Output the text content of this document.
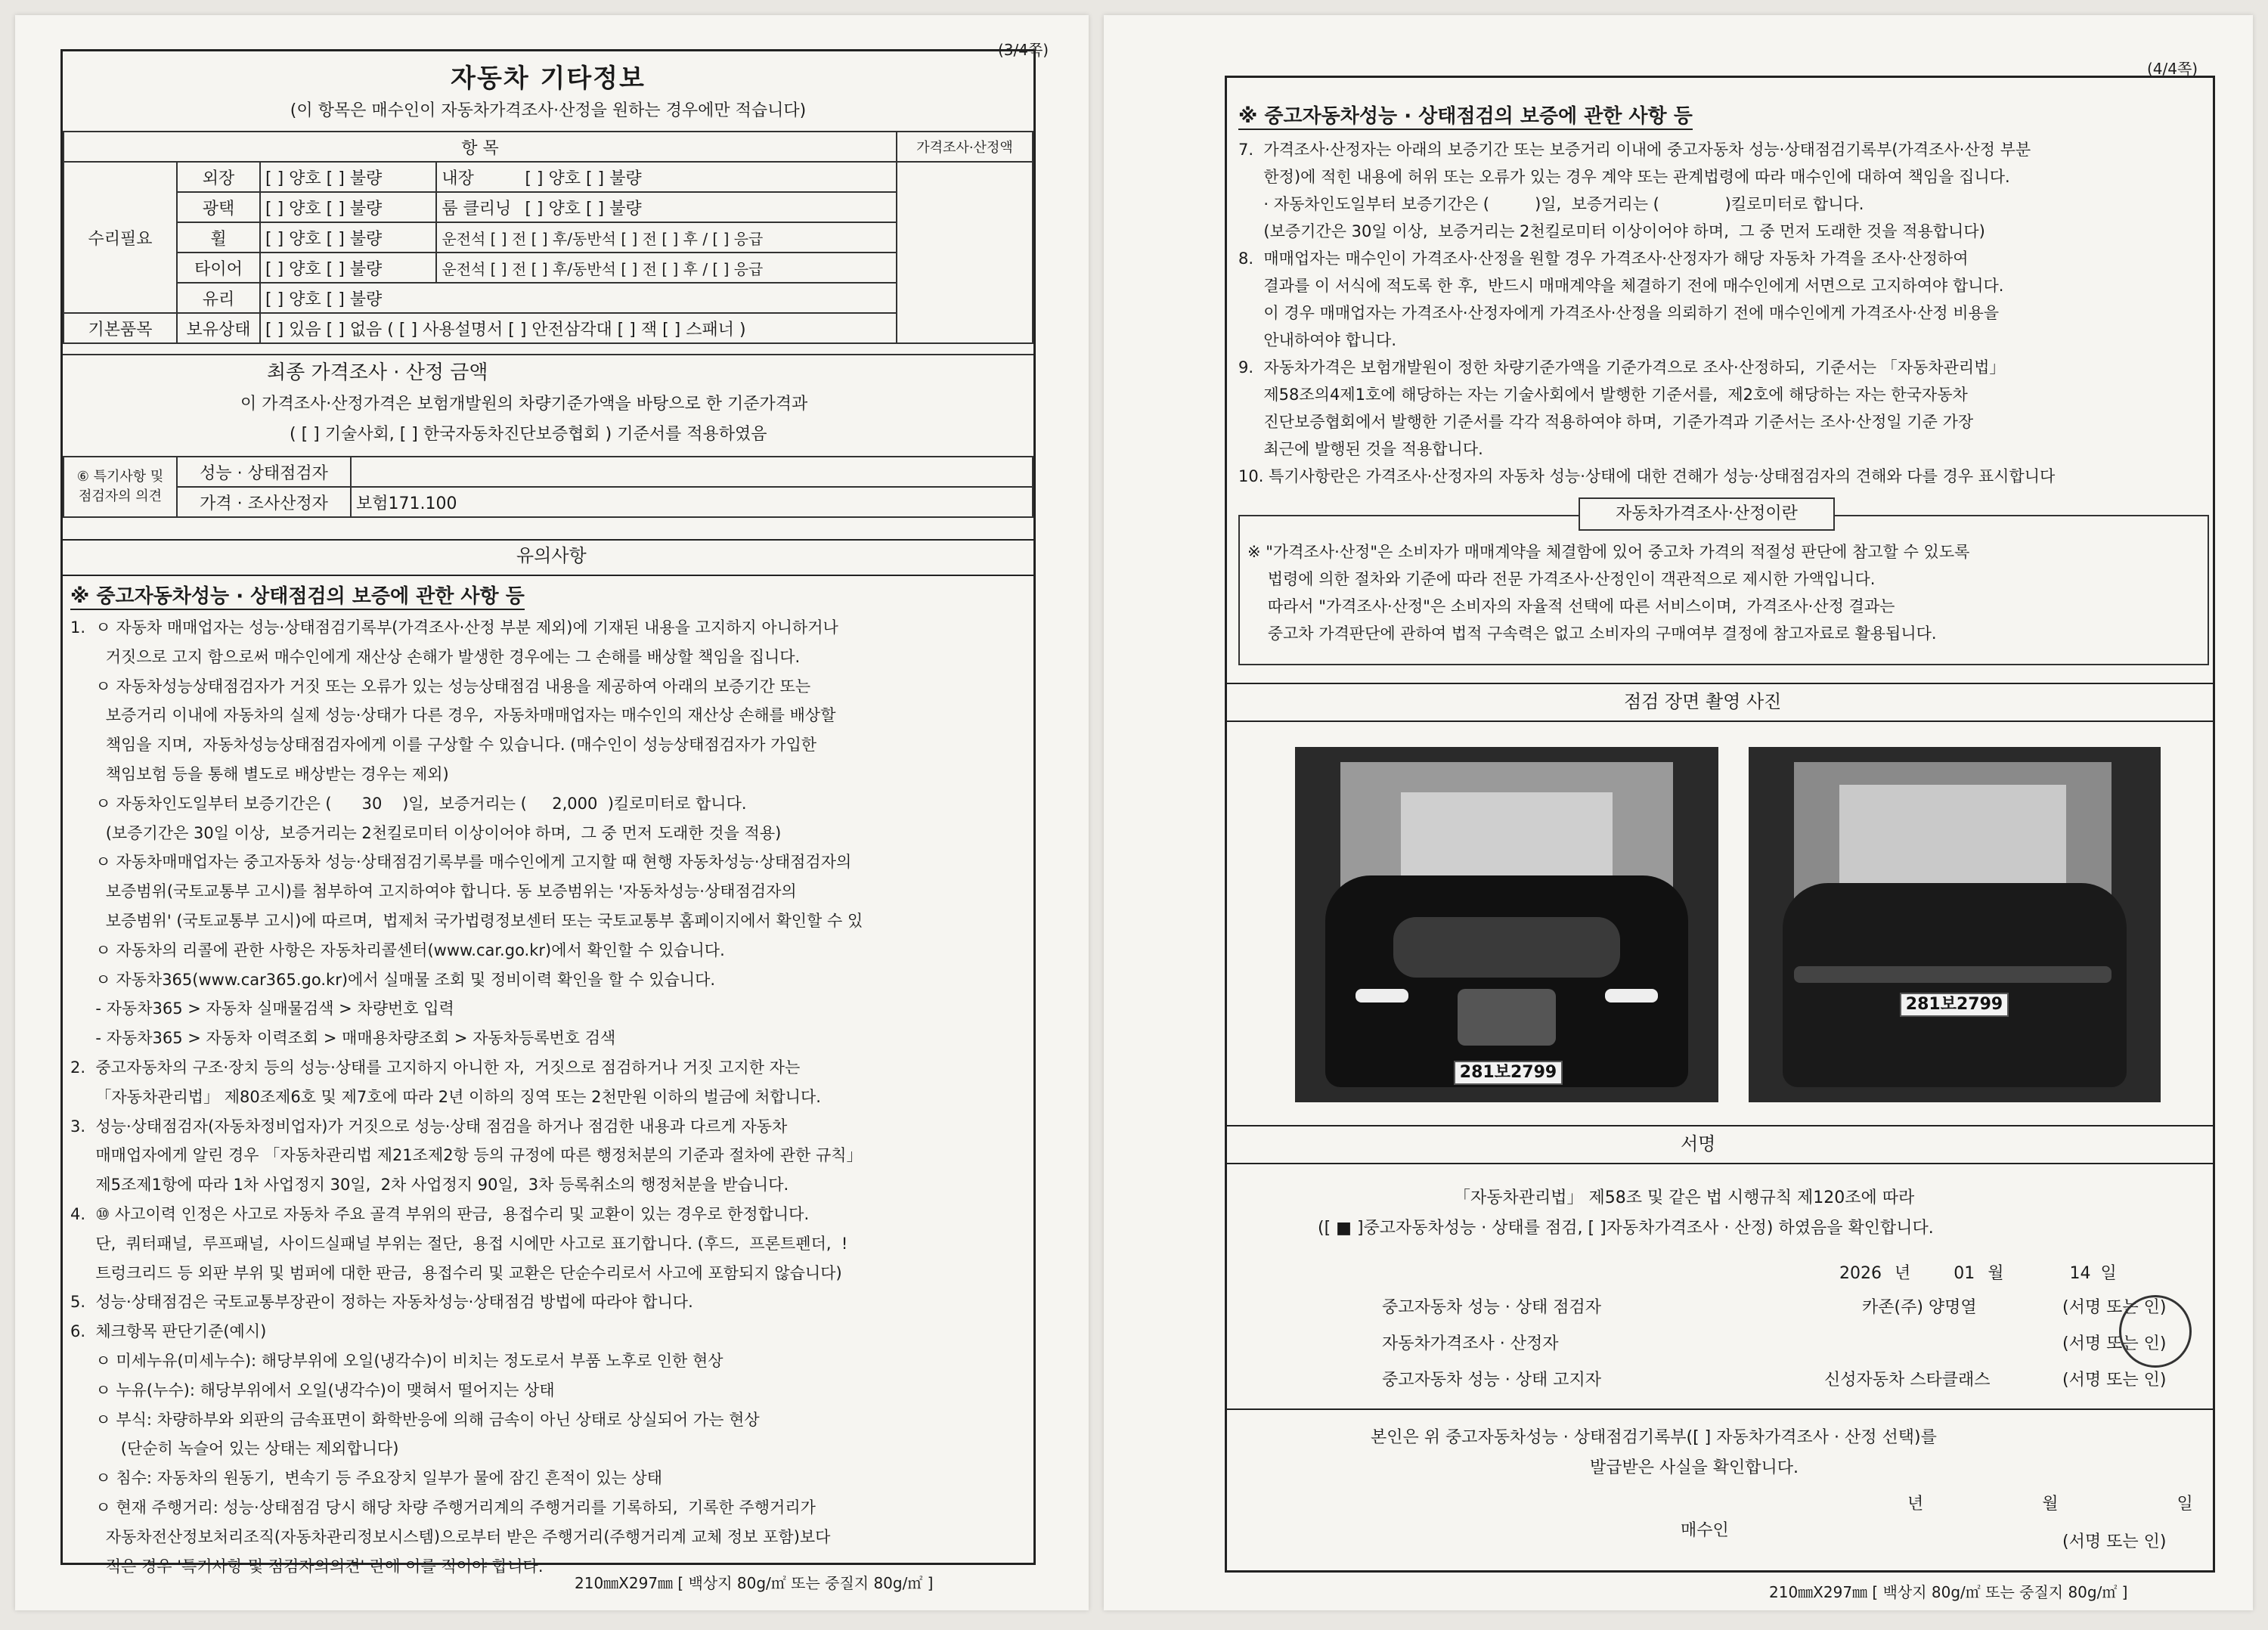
(3/4쪽)
자동차 기타정보
(이 항목은 매수인이 자동차가격조사·산정을 원하는 경우에만 적습니다)
항 목				가격조사·산정액
수리필요	외장	[ ] 양호 [ ] 불량	내장 [ ] 양호 [ ] 불량	
	광택	[ ] 양호 [ ] 불량	룸 클리닝 [ ] 양호 [ ] 불량	
	휠	[ ] 양호 [ ] 불량	운전석 [ ] 전 [ ] 후/동반석 [ ] 전 [ ] 후 / [ ] 응급	
	타이어	[ ] 양호 [ ] 불량	운전석 [ ] 전 [ ] 후/동반석 [ ] 전 [ ] 후 / [ ] 응급	
	유리	[ ] 양호 [ ] 불량		
기본품목	보유상태	[ ] 있음 [ ] 없음 ( [ ] 사용설명서 [ ] 안전삼각대 [ ] 잭 [ ] 스패너 )		
최종 가격조사 · 산정 금액
이 가격조사·산정가격은 보험개발원의 차량기준가액을 바탕으로 한 기준가격과
( [ ] 기술사회, [ ] 한국자동차진단보증협회 ) 기준서를 적용하였음
⑥ 특기사항 및
점검자의 의견	성능 · 상태점검자	
	가격 · 조사산정자	보험171.100
유의사항
※ 중고자동차성능 · 상태점검의 보증에 관한 사항 등
1.  ㅇ 자동차 매매업자는 성능·상태점검기록부(가격조사·산정 부분 제외)에 기재된 내용을 고지하지 아니하거나
거짓으로 고지 함으로써 매수인에게 재산상 손해가 발생한 경우에는 그 손해를 배상할 책임을 집니다.
ㅇ 자동차성능상태점검자가 거짓 또는 오류가 있는 성능상태점검 내용을 제공하여 아래의 보증기간 또는
보증거리 이내에 자동차의 실제 성능·상태가 다른 경우,  자동차매매업자는 매수인의 재산상 손해를 배상할
책임을 지며,  자동차성능상태점검자에게 이를 구상할 수 있습니다. (매수인이 성능상태점검자가 가입한
책임보험 등을 통해 별도로 배상받는 경우는 제외)
ㅇ 자동차인도일부터 보증기간은 (      30    )일,  보증거리는 (     2,000  )킬로미터로 합니다.
(보증기간은 30일 이상,  보증거리는 2천킬로미터 이상이어야 하며,  그 중 먼저 도래한 것을 적용)
ㅇ 자동차매매업자는 중고자동차 성능·상태점검기록부를 매수인에게 고지할 때 현행 자동차성능·상태점검자의
보증범위(국토교통부 고시)를 첨부하여 고지하여야 합니다. 동 보증범위는 '자동차성능·상태점검자의
보증범위' (국토교통부 고시)에 따르며,  법제처 국가법령정보센터 또는 국토교통부 홈페이지에서 확인할 수 있
ㅇ 자동차의 리콜에 관한 사항은 자동차리콜센터(www.car.go.kr)에서 확인할 수 있습니다.
ㅇ 자동차365(www.car365.go.kr)에서 실매물 조회 및 정비이력 확인을 할 수 있습니다.
- 자동차365 > 자동차 실매물검색 > 차량번호 입력
- 자동차365 > 자동차 이력조회 > 매매용차량조회 > 자동차등록번호 검색
2.  중고자동차의 구조·장치 등의 성능·상태를 고지하지 아니한 자,  거짓으로 점검하거나 거짓 고지한 자는
「자동차관리법」 제80조제6호 및 제7호에 따라 2년 이하의 징역 또는 2천만원 이하의 벌금에 처합니다.
3.  성능·상태점검자(자동차정비업자)가 거짓으로 성능·상태 점검을 하거나 점검한 내용과 다르게 자동차
매매업자에게 알린 경우 「자동차관리법 제21조제2항 등의 규정에 따른 행정처분의 기준과 절차에 관한 규칙」
제5조제1항에 따라 1차 사업정지 30일,  2차 사업정지 90일,  3차 등록취소의 행정처분을 받습니다.
4.  ⑩ 사고이력 인정은 사고로 자동차 주요 골격 부위의 판금,  용접수리 및 교환이 있는 경우로 한정합니다.
단,  쿼터패널,  루프패널,  사이드실패널 부위는 절단,  용접 시에만 사고로 표기합니다. (후드,  프론트펜더,  !
트렁크리드 등 외판 부위 및 범퍼에 대한 판금,  용접수리 및 교환은 단순수리로서 사고에 포함되지 않습니다)
5.  성능·상태점검은 국토교통부장관이 정하는 자동차성능·상태점검 방법에 따라야 합니다.
6.  체크항목 판단기준(예시)
ㅇ 미세누유(미세누수): 해당부위에 오일(냉각수)이 비치는 정도로서 부품 노후로 인한 현상
ㅇ 누유(누수): 해당부위에서 오일(냉각수)이 맺혀서 떨어지는 상태
ㅇ 부식: 차량하부와 외판의 금속표면이 화학반응에 의해 금속이 아닌 상태로 상실되어 가는 현상
(단순히 녹슬어 있는 상태는 제외합니다)
ㅇ 침수: 자동차의 원동기,  변속기 등 주요장치 일부가 물에 잠긴 흔적이 있는 상태
ㅇ 현재 주행거리: 성능·상태점검 당시 해당 차량 주행거리계의 주행거리를 기록하되,  기록한 주행거리가
자동차전산정보처리조직(자동차관리정보시스템)으로부터 받은 주행거리(주행거리계 교체 정보 포함)보다
적은 경우 '특기사항 및 점검자의의견' 란에 이를 적어야 합니다.
210㎜X297㎜ [ 백상지 80g/㎡ 또는 중질지 80g/㎡ ]
(4/4쪽)
※ 중고자동차성능 · 상태점검의 보증에 관한 사항 등
7.  가격조사·산정자는 아래의 보증기간 또는 보증거리 이내에 중고자동차 성능·상태점검기록부(가격조사·산정 부분
한정)에 적힌 내용에 허위 또는 오류가 있는 경우 계약 또는 관계법령에 따라 매수인에 대하여 책임을 집니다.
· 자동차인도일부터 보증기간은 (         )일,  보증거리는 (             )킬로미터로 합니다.
(보증기간은 30일 이상,  보증거리는 2천킬로미터 이상이어야 하며,  그 중 먼저 도래한 것을 적용합니다)
8.  매매업자는 매수인이 가격조사·산정을 원할 경우 가격조사·산정자가 해당 자동차 가격을 조사·산정하여
결과를 이 서식에 적도록 한 후,  반드시 매매계약을 체결하기 전에 매수인에게 서면으로 고지하여야 합니다.
이 경우 매매업자는 가격조사·산정자에게 가격조사·산정을 의뢰하기 전에 매수인에게 가격조사·산정 비용을
안내하여야 합니다.
9.  자동차가격은 보험개발원이 정한 차량기준가액을 기준가격으로 조사·산정하되,  기준서는 「자동차관리법」
제58조의4제1호에 해당하는 자는 기술사회에서 발행한 기준서를,  제2호에 해당하는 자는 한국자동차
진단보증협회에서 발행한 기준서를 각각 적용하여야 하며,  기준가격과 기준서는 조사·산정일 기준 가장
최근에 발행된 것을 적용합니다.
10. 특기사항란은 가격조사·산정자의 자동차 성능·상태에 대한 견해가 성능·상태점검자의 견해와 다를 경우 표시합니다
자동차가격조사·산정이란
※ "가격조사·산정"은 소비자가 매매계약을 체결함에 있어 중고차 가격의 적절성 판단에 참고할 수 있도록
법령에 의한 절차와 기준에 따라 전문 가격조사·산정인이 객관적으로 제시한 가액입니다.
따라서 "가격조사·산정"은 소비자의 자율적 선택에 따른 서비스이며,  가격조사·산정 결과는
중고차 가격판단에 관하여 법적 구속력은 없고 소비자의 구매여부 결정에 참고자료로 활용됩니다.
점검 장면 촬영 사진
281보2799
281보2799
서명
「자동차관리법」 제58조 및 같은 법 시행규칙 제120조에 따라
([ ■ ]중고자동차성능 · 상태를 점검, [ ]자동차가격조사 · 산정) 하였음을 확인합니다.
2026 년	01 월	14 일
중고자동차 성능 · 상태 점검자	카존(주) 양명열	(서명 또는 인)
자동차가격조사 · 산정자	(서명 또는 인)
중고자동차 성능 · 상태 고지자	신성자동차 스타클래스	(서명 또는 인)
본인은 위 중고자동차성능 · 상태점검기록부([ ] 자동차가격조사 · 산정 선택)를
발급받은 사실을 확인합니다.
년	월	일
매수인
(서명 또는 인)
210㎜X297㎜ [ 백상지 80g/㎡ 또는 중질지 80g/㎡ ]
